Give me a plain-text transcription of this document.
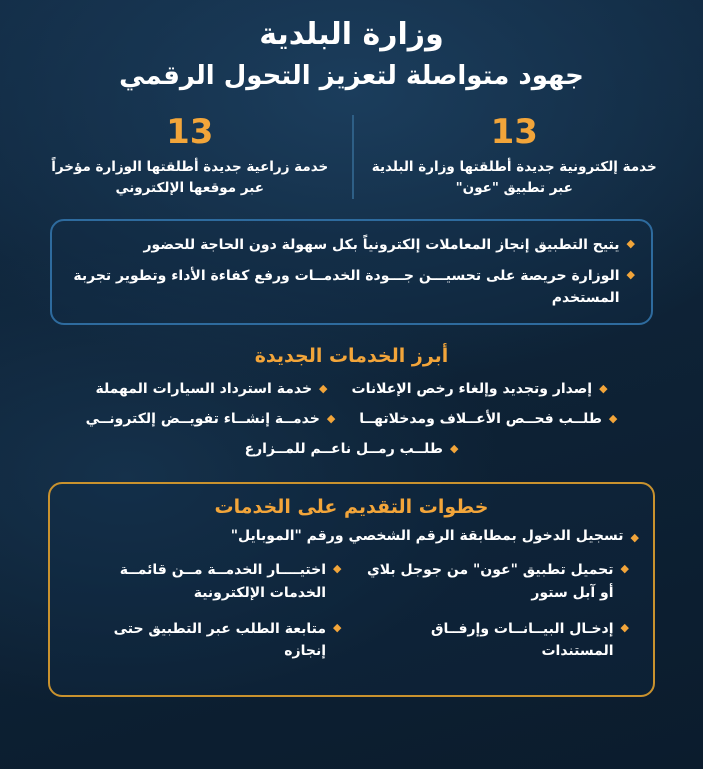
وزارة البلدية
جهود متواصلة لتعزيز التحول الرقمي
13
خدمة إلكترونية جديدة أطلقتها وزارة البلدية عبر تطبيق "عون"
13
خدمة زراعية جديدة أطلقتها الوزارة مؤخراً عبر موقعها الإلكتروني
◆
يتيح التطبيق إنجاز المعاملات إلكترونياً بكل سهولة دون الحاجة للحضور
◆
الوزارة حريصة على تحسيـــن جـــودة الخدمــات ورفع كفاءة الأداء وتطوير تجربة المستخدم
أبرز الخدمات الجديدة
◆
إصدار وتجديد وإلغاء رخص الإعلانات
◆
خدمة استرداد السيارات المهملة
◆
طلــب فحــص الأعــلاف ومدخلاتهــا
◆
خدمــة إنشــاء تفويــض إلكترونــي
◆
طلــب رمــل ناعــم للمــزارع
خطوات التقديم على الخدمات
◆
تسجيل الدخول بمطابقة الرقم الشخصي ورقم "الموبايل"
◆
تحميل تطبيق "عون" من جوجل بلاي أو آبل ستور
◆
اختيــــار الخدمــة مــن قائمــة الخدمات الإلكترونية
◆
إدخـال البيــانــات وإرفــاق المستندات
◆
متابعة الطلب عبر التطبيق حتى إنجازه
